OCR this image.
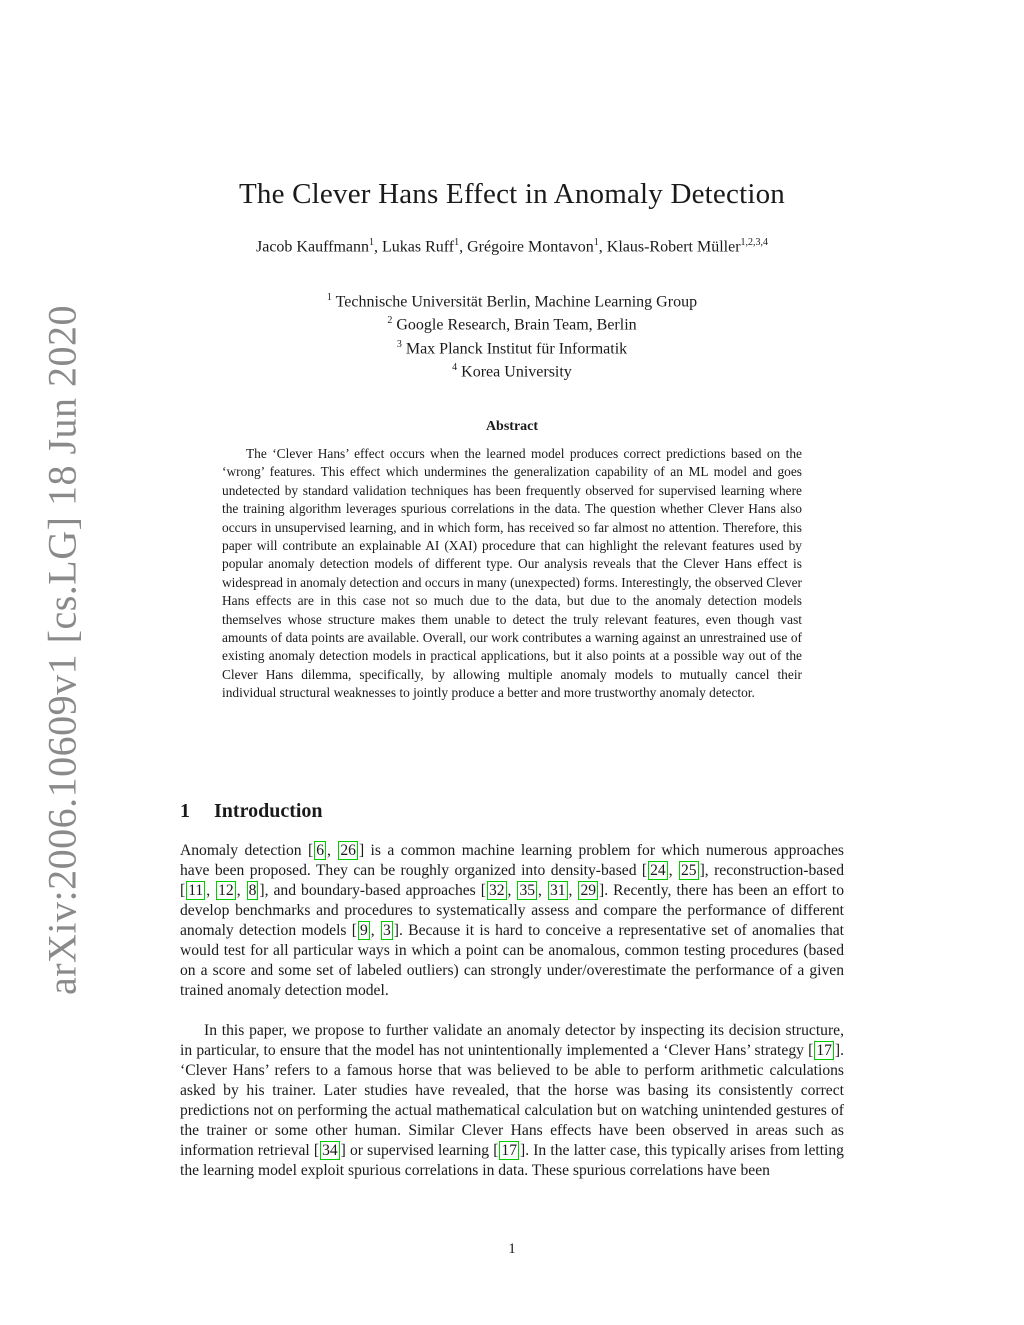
arXiv:2006.10609v1 [cs.LG] 18 Jun 2020
The Clever Hans Effect in Anomaly Detection
Jacob Kauffmann$^1$, Lukas Ruff$^1$, Grégoire Montavon$^1$, Klaus-Robert Müller$^{1,2,3,4}$
$^1$ Technische Universität Berlin, Machine Learning Group
$^2$ Google Research, Brain Team, Berlin
$^3$ Max Planck Institut für Informatik
$^4$ Korea University
Abstract

The ‘Clever Hans’ effect occurs when the learned model produces correct predictions based on the ‘wrong’ features. This effect which undermines the generalization capability of an ML model and goes undetected by standard validation techniques has been frequently observed for supervised learning where the training algorithm leverages spurious correlations in the data. The question whether Clever Hans also occurs in unsupervised learning, and in which form, has received so far almost no attention. Therefore, this paper will contribute an explainable AI (XAI) procedure that can highlight the relevant features used by popular anomaly detection models of different type. Our analysis reveals that the Clever Hans effect is widespread in anomaly detection and occurs in many (unexpected) forms. Interestingly, the observed Clever Hans effects are in this case not so much due to the data, but due to the anomaly detection models themselves whose structure makes them unable to detect the truly relevant features, even though vast amounts of data points are available. Overall, our work contributes a warning against an unrestrained use of existing anomaly detection models in practical applications, but it also points at a possible way out of the Clever Hans dilemma, specifically, by allowing multiple anomaly models to mutually cancel their individual structural weaknesses to jointly produce a better and more trustworthy anomaly detector.

1 Introduction

Anomaly detection [ 6 , 26 ] is a common machine learning problem for which numerous approaches have been proposed. They can be roughly organized into density-based [ 24 , 25 ], reconstruction-based [ 11 , 12 , 8 ], and boundary-based approaches [ 32 , 35 , 31 , 29 ]. Recently, there has been an effort to develop benchmarks and procedures to systematically assess and compare the performance of different anomaly detection models [ 9 , 3 ]. Because it is hard to conceive a representative set of anomalies that would test for all particular ways in which a point can be anomalous, common testing procedures (based on a score and some set of labeled outliers) can strongly under/overestimate the performance of a given trained anomaly detection model.

In this paper, we propose to further validate an anomaly detector by inspecting its decision structure, in particular, to ensure that the model has not unintentionally implemented a ‘Clever Hans’ strategy [ 17 ]. ‘Clever Hans’ refers to a famous horse that was believed to be able to perform arithmetic calculations asked by his trainer. Later studies have revealed, that the horse was basing its consistently correct predictions not on performing the actual mathematical calculation but on watching unintended gestures of the trainer or some other human. Similar Clever Hans effects have been observed in areas such as information retrieval [ 34 ] or supervised learning [ 17 ]. In the latter case, this typically arises from letting the learning model exploit spurious correlations in data. These spurious correlations have been

1
